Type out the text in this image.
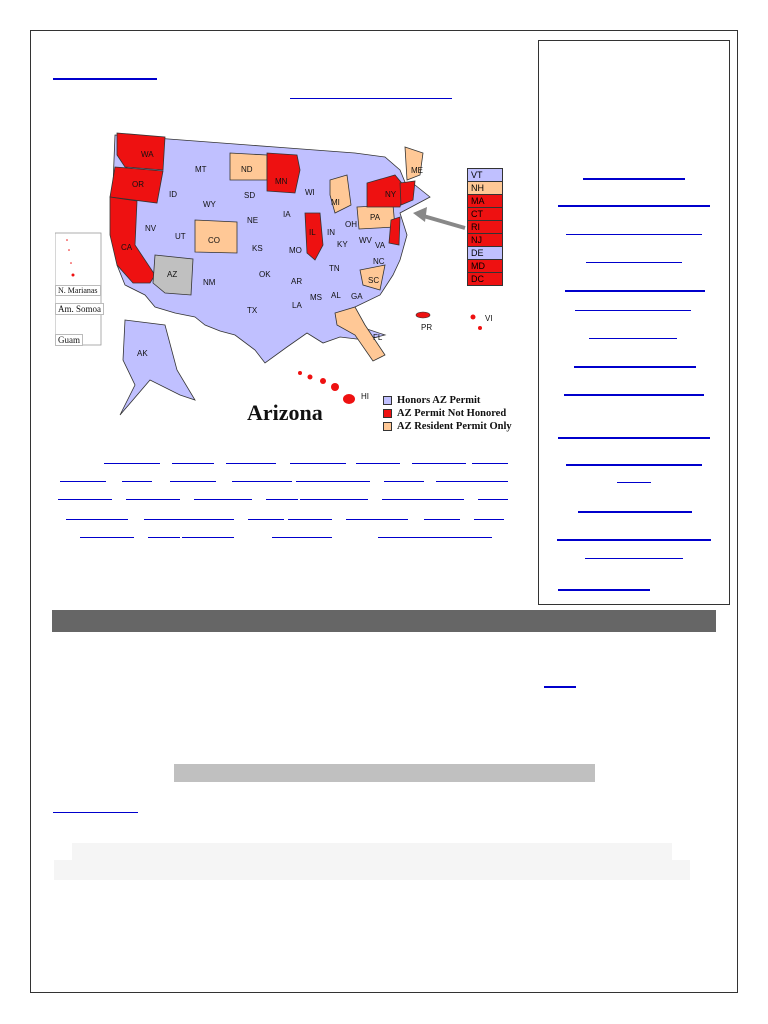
WA
OR
CA
NV
ID
MT
WY
UT
AZ
NM
CO
ND
SD
NE
KS
OK
TX
MN
IA
MO
AR
LA
WI
IL
MI
IN
OH
KY
TN
MS AL GA
FL
SC
NC
VA
WV
PA
NY
ME
AK
HI
PR
VI
N. Marianas
Am. Somoa
Guam
VT
NH
MA
CT
RI
NJ
DE
MD
DC
Arizona	Honors AZ Permit
AZ Permit Not Honored
AZ Resident Permit Only
